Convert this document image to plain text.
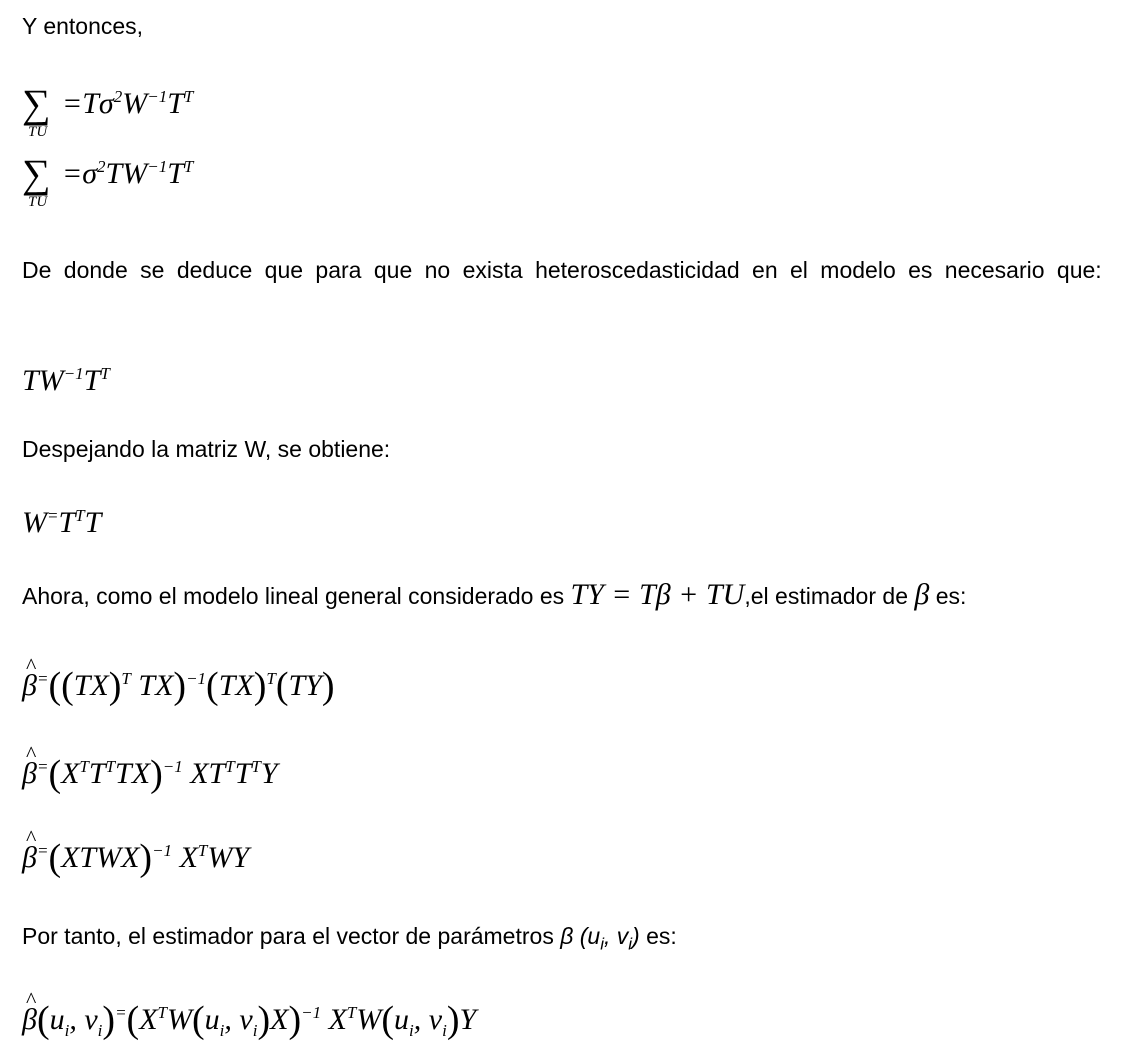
Y entonces,
∑
TU
$=T\sigma^2W^{-1}T^T$
∑
TU
$=\sigma^2TW^{-1}T^T$
De donde se deduce que para que no exista heteroscedasticidad en el modelo es necesario que:
$TW^{-1}T^T$
Despejando la matriz W, se obtiene:
$W^=T^TT$
Ahora, como el modelo lineal general considerado es TY = Tβ + TU,el estimador de β es:
^ β=((TX)$^T$ TX)$^{-1}$(TX)$^T$(TY)
^ $\beta^=(X^TT^TTX)^{-1}$ $XT^TT^TY$
^ β=(XTWX)$^{-1}$ $X^TWY$
Por tanto, el estimador para el vector de parámetros β ($u_i$, $v_i$) es:
^ $\beta(u_i$, $v_i)^=(X^TW(u_i$, $v_i)X)^{-1}$ $X^TW(u_i$, $v_i)Y$
